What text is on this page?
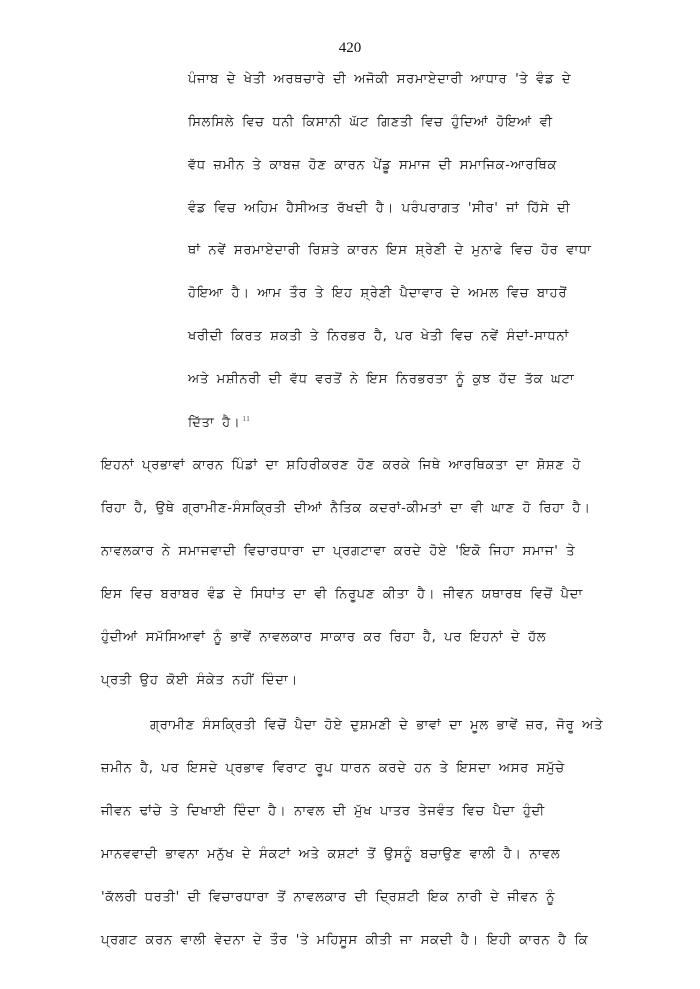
420
ਪੰਜਾਬ ਦੇ ਖੇਤੀ ਅਰਥਚਾਰੇ ਦੀ ਅਜੋਕੀ ਸਰਮਾਏਦਾਰੀ ਆਧਾਰ 'ਤੇ ਵੰਡ ਦੇ
ਸਿਲਸਿਲੇ ਵਿਚ ਧਨੀ ਕਿਸਾਨੀ ਘੱਟ ਗਿਣਤੀ ਵਿਚ ਹੁੰਦਿਆਂ ਹੋਇਆਂ ਵੀ
ਵੱਧ ਜ਼ਮੀਨ ਤੇ ਕਾਬਜ਼ ਹੋਣ ਕਾਰਨ ਪੇਂਡੂ ਸਮਾਜ ਦੀ ਸਮਾਜਿਕ-ਆਰਥਿਕ
ਵੰਡ ਵਿਚ ਅਹਿਮ ਹੈਸੀਅਤ ਰੱਖਦੀ ਹੈ। ਪਰੰਪਰਾਗਤ 'ਸੀਰ' ਜਾਂ ਹਿੱਸੇ ਦੀ
ਥਾਂ ਨਵੇਂ ਸਰਮਾਏਦਾਰੀ ਰਿਸ਼ਤੇ ਕਾਰਨ ਇਸ ਸ਼੍ਰੇਣੀ ਦੇ ਮੁਨਾਫੇ ਵਿਚ ਹੋਰ ਵਾਧਾ
ਹੋਇਆ ਹੈ। ਆਮ ਤੌਰ ਤੇ ਇਹ ਸ਼੍ਰੇਣੀ ਪੈਦਾਵਾਰ ਦੇ ਅਮਲ ਵਿਚ ਬਾਹਰੋਂ
ਖਰੀਦੀ ਕਿਰਤ ਸ਼ਕਤੀ ਤੇ ਨਿਰਭਰ ਹੈ, ਪਰ ਖੇਤੀ ਵਿਚ ਨਵੇਂ ਸੰਦਾਂ-ਸਾਧਨਾਂ
ਅਤੇ ਮਸ਼ੀਨਰੀ ਦੀ ਵੱਧ ਵਰਤੋਂ ਨੇ ਇਸ ਨਿਰਭਰਤਾ ਨੂੰ ਕੁਝ ਹੱਦ ਤੱਕ ਘਟਾ
ਦਿੱਤਾ ਹੈ। $^{11}$
ਇਹਨਾਂ ਪ੍ਰਭਾਵਾਂ ਕਾਰਨ ਪਿੰਡਾਂ ਦਾ ਸ਼ਹਿਰੀਕਰਣ ਹੋਣ ਕਰਕੇ ਜਿਥੇ ਆਰਥਿਕਤਾ ਦਾ ਸ਼ੋਸ਼ਣ ਹੋ
ਰਿਹਾ ਹੈ, ਉਥੇ ਗ੍ਰਾਮੀਣ-ਸੰਸਕ੍ਰਿਤੀ ਦੀਆਂ ਨੈਤਿਕ ਕਦਰਾਂ-ਕੀਮਤਾਂ ਦਾ ਵੀ ਘਾਣ ਹੋ ਰਿਹਾ ਹੈ।
ਨਾਵਲਕਾਰ ਨੇ ਸਮਾਜਵਾਦੀ ਵਿਚਾਰਧਾਰਾ ਦਾ ਪ੍ਰਗਟਾਵਾ ਕਰਦੇ ਹੋਏ 'ਇਕੋ ਜਿਹਾ ਸਮਾਜ' ਤੇ
ਇਸ ਵਿਚ ਬਰਾਬਰ ਵੰਡ ਦੇ ਸਿਧਾਂਤ ਦਾ ਵੀ ਨਿਰੂਪਣ ਕੀਤਾ ਹੈ। ਜੀਵਨ ਯਥਾਰਥ ਵਿਚੋਂ ਪੈਦਾ
ਹੁੰਦੀਆਂ ਸਮੱਸਿਆਵਾਂ ਨੂੰ ਭਾਵੇਂ ਨਾਵਲਕਾਰ ਸਾਕਾਰ ਕਰ ਰਿਹਾ ਹੈ, ਪਰ ਇਹਨਾਂ ਦੇ ਹੱਲ
ਪ੍ਰਤੀ ਉਹ ਕੋਈ ਸੰਕੇਤ ਨਹੀਂ ਦਿੰਦਾ।
ਗ੍ਰਾਮੀਣ ਸੰਸਕ੍ਰਿਤੀ ਵਿਚੋਂ ਪੈਦਾ ਹੋਏ ਦੁਸ਼ਮਣੀ ਦੇ ਭਾਵਾਂ ਦਾ ਮੂਲ ਭਾਵੇਂ ਜ਼ਰ, ਜੋਰੂ ਅਤੇ
ਜ਼ਮੀਨ ਹੈ, ਪਰ ਇਸਦੇ ਪ੍ਰਭਾਵ ਵਿਰਾਟ ਰੂਪ ਧਾਰਨ ਕਰਦੇ ਹਨ ਤੇ ਇਸਦਾ ਅਸਰ ਸਮੁੱਚੇ
ਜੀਵਨ ਢਾਂਚੇ ਤੇ ਦਿਖਾਈ ਦਿੰਦਾ ਹੈ। ਨਾਵਲ ਦੀ ਮੁੱਖ ਪਾਤਰ ਤੇਜਵੰਤ ਵਿਚ ਪੈਦਾ ਹੁੰਦੀ
ਮਾਨਵਵਾਦੀ ਭਾਵਨਾ ਮਨੁੱਖ ਦੇ ਸੰਕਟਾਂ ਅਤੇ ਕਸ਼ਟਾਂ ਤੋਂ ਉਸਨੂੰ ਬਚਾਉਣ ਵਾਲੀ ਹੈ। ਨਾਵਲ
'ਕੱਲਰੀ ਧਰਤੀ' ਦੀ ਵਿਚਾਰਧਾਰਾ ਤੋਂ ਨਾਵਲਕਾਰ ਦੀ ਦ੍ਰਿਸ਼ਟੀ ਇਕ ਨਾਰੀ ਦੇ ਜੀਵਨ ਨੂੰ
ਪ੍ਰਗਟ ਕਰਨ ਵਾਲੀ ਵੇਦਨਾ ਦੇ ਤੌਰ 'ਤੇ ਮਹਿਸੂਸ ਕੀਤੀ ਜਾ ਸਕਦੀ ਹੈ। ਇਹੀ ਕਾਰਨ ਹੈ ਕਿ
